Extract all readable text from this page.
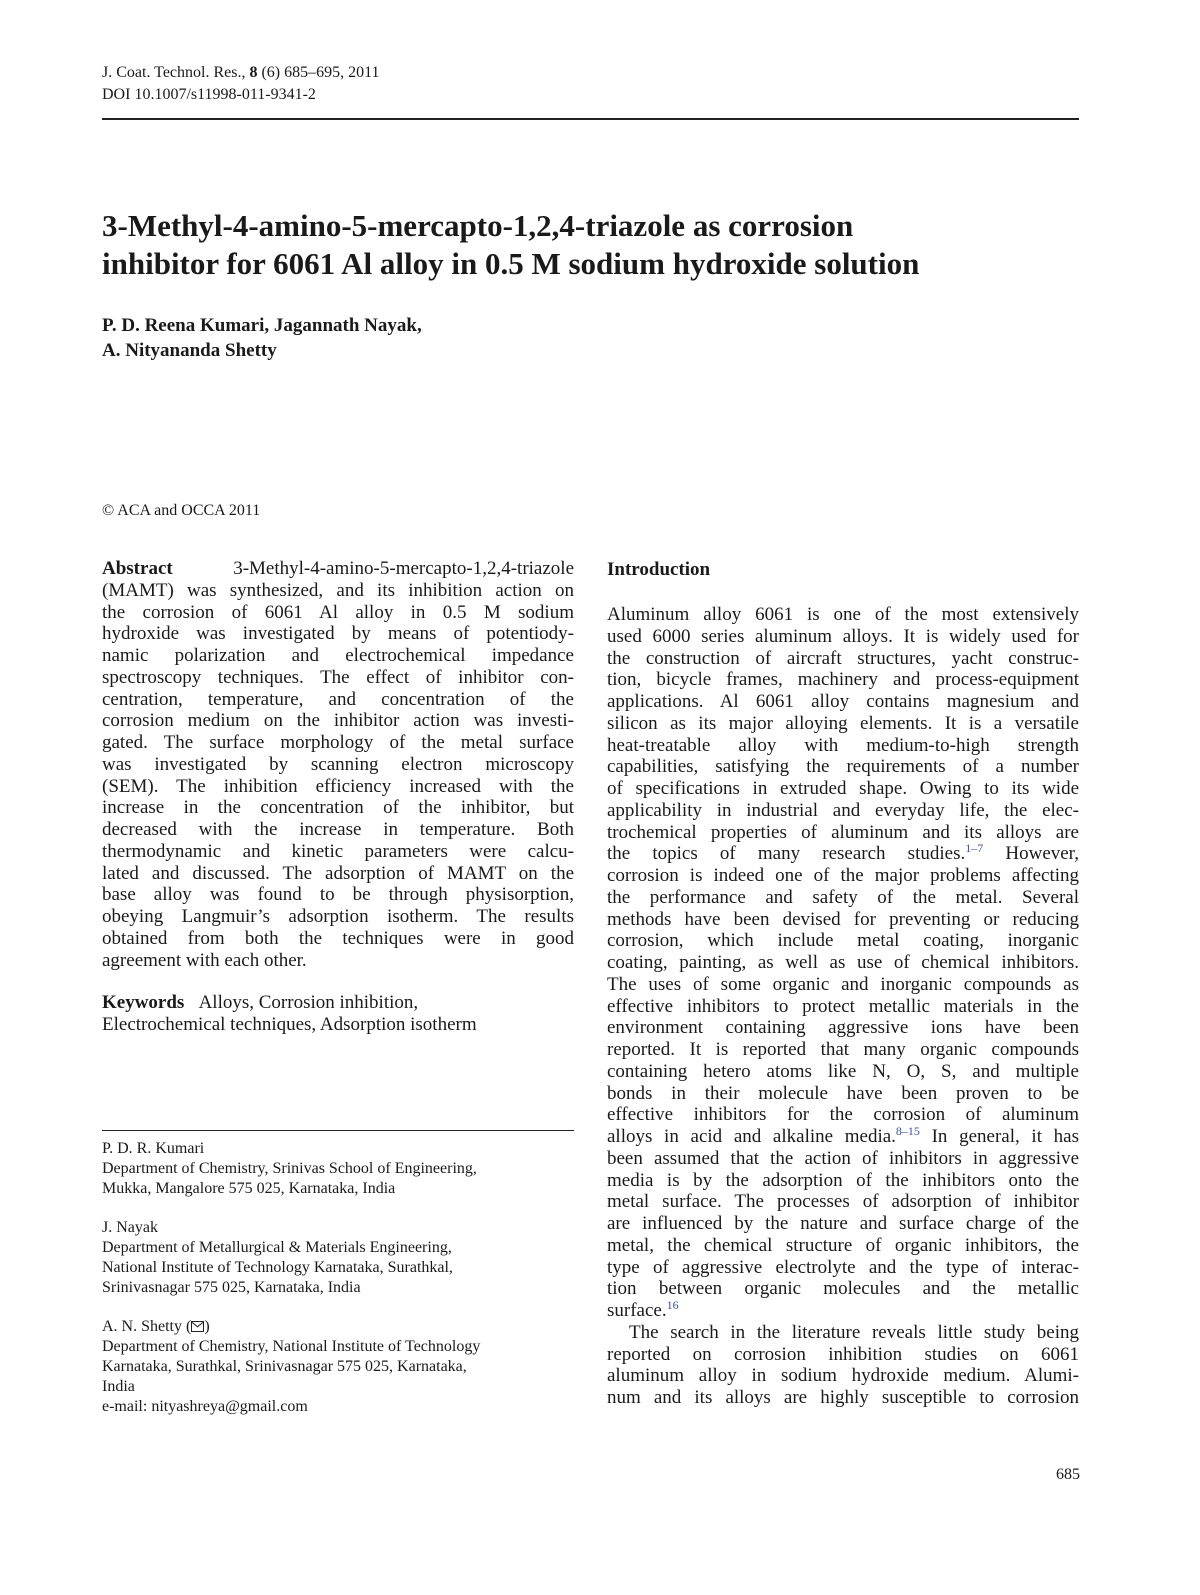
J. Coat. Technol. Res., 8 (6) 685–695, 2011
DOI 10.1007/s11998-011-9341-2
3-Methyl-4-amino-5-mercapto-1,2,4-triazole as corrosion
inhibitor for 6061 Al alloy in 0.5 M sodium hydroxide solution
P. D. Reena Kumari, Jagannath Nayak,
A. Nityananda Shetty
© ACA and OCCA 2011
Abstract	3-Methyl-4-amino-5-mercapto-1,2,4-triazole
(MAMT) was synthesized, and its inhibition action on
the corrosion of 6061 Al alloy in 0.5 M sodium
hydroxide was investigated by means of potentiody-
namic polarization and electrochemical impedance
spectroscopy techniques. The effect of inhibitor con-
centration, temperature, and concentration of the
corrosion medium on the inhibitor action was investi-
gated. The surface morphology of the metal surface
was investigated by scanning electron microscopy
(SEM). The inhibition efficiency increased with the
increase in the concentration of the inhibitor, but
decreased with the increase in temperature. Both
thermodynamic and kinetic parameters were calcu-
lated and discussed. The adsorption of MAMT on the
base alloy was found to be through physisorption,
obeying Langmuir’s adsorption isotherm. The results
obtained from both the techniques were in good
agreement with each other.
Keywords Alloys, Corrosion inhibition,
Electrochemical techniques, Adsorption isotherm
P. D. R. Kumari
Department of Chemistry, Srinivas School of Engineering,
Mukka, Mangalore 575 025, Karnataka, India
J. Nayak
Department of Metallurgical & Materials Engineering,
National Institute of Technology Karnataka, Surathkal,
Srinivasnagar 575 025, Karnataka, India
A. N. Shetty ( )
Department of Chemistry, National Institute of Technology
Karnataka, Surathkal, Srinivasnagar 575 025, Karnataka,
India
e-mail: nityashreya@gmail.com
Introduction
Aluminum alloy 6061 is one of the most extensively
used 6000 series aluminum alloys. It is widely used for
the construction of aircraft structures, yacht construc-
tion, bicycle frames, machinery and process-equipment
applications. Al 6061 alloy contains magnesium and
silicon as its major alloying elements. It is a versatile
heat-treatable alloy with medium-to-high strength
capabilities, satisfying the requirements of a number
of specifications in extruded shape. Owing to its wide
applicability in industrial and everyday life, the elec-
trochemical properties of aluminum and its alloys are
the topics of many research studies.$^{1-7}$ However,
corrosion is indeed one of the major problems affecting
the performance and safety of the metal. Several
methods have been devised for preventing or reducing
corrosion, which include metal coating, inorganic
coating, painting, as well as use of chemical inhibitors.
The uses of some organic and inorganic compounds as
effective inhibitors to protect metallic materials in the
environment containing aggressive ions have been
reported. It is reported that many organic compounds
containing hetero atoms like N, O, S, and multiple
bonds in their molecule have been proven to be
effective inhibitors for the corrosion of aluminum
alloys in acid and alkaline media.$^{8-15}$ In general, it has
been assumed that the action of inhibitors in aggressive
media is by the adsorption of the inhibitors onto the
metal surface. The processes of adsorption of inhibitor
are influenced by the nature and surface charge of the
metal, the chemical structure of organic inhibitors, the
type of aggressive electrolyte and the type of interac-
tion between organic molecules and the metallic
surface.$^{16}$
The search in the literature reveals little study being
reported on corrosion inhibition studies on 6061
aluminum alloy in sodium hydroxide medium. Alumi-
num and its alloys are highly susceptible to corrosion
685
